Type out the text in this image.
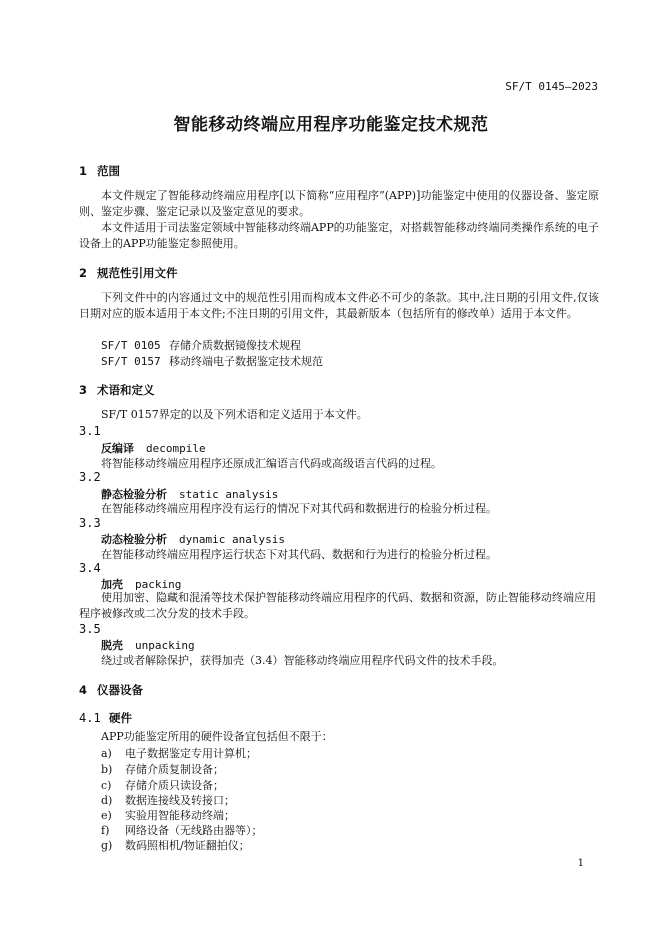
SF/T 0145—2023
智能移动终端应用程序功能鉴定技术规范
1 范围
本文件规定了智能移动终端应用程序[以下简称“应用程序”(APP)]功能鉴定中使用的仪器设备、鉴定原则、鉴定步骤、鉴定记录以及鉴定意见的要求。
本文件适用于司法鉴定领域中智能移动终端APP的功能鉴定，对搭载智能移动终端同类操作系统的电子设备上的APP功能鉴定参照使用。
2 规范性引用文件
下列文件中的内容通过文中的规范性引用而构成本文件必不可少的条款。其中,注日期的引用文件,仅该日期对应的版本适用于本文件;不注日期的引用文件，其最新版本（包括所有的修改单）适用于本文件。
SF/T 0105 存储介质数据镜像技术规程
SF/T 0157 移动终端电子数据鉴定技术规范
3 术语和定义
SF/T 0157界定的以及下列术语和定义适用于本文件。
3.1
反编译 decompile
将智能移动终端应用程序还原成汇编语言代码或高级语言代码的过程。
3.2
静态检验分析 static analysis
在智能移动终端应用程序没有运行的情况下对其代码和数据进行的检验分析过程。
3.3
动态检验分析 dynamic analysis
在智能移动终端应用程序运行状态下对其代码、数据和行为进行的检验分析过程。
3.4
加壳 packing
使用加密、隐藏和混淆等技术保护智能移动终端应用程序的代码、数据和资源，防止智能移动终端应用程序被修改或二次分发的技术手段。
3.5
脱壳 unpacking
绕过或者解除保护，获得加壳（3.4）智能移动终端应用程序代码文件的技术手段。
4 仪器设备
4.1 硬件
APP功能鉴定所用的硬件设备宜包括但不限于：
a) 电子数据鉴定专用计算机；
b) 存储介质复制设备；
c) 存储介质只读设备；
d) 数据连接线及转接口；
e) 实验用智能移动终端；
f) 网络设备（无线路由器等）；
g) 数码照相机/物证翻拍仪；
1
